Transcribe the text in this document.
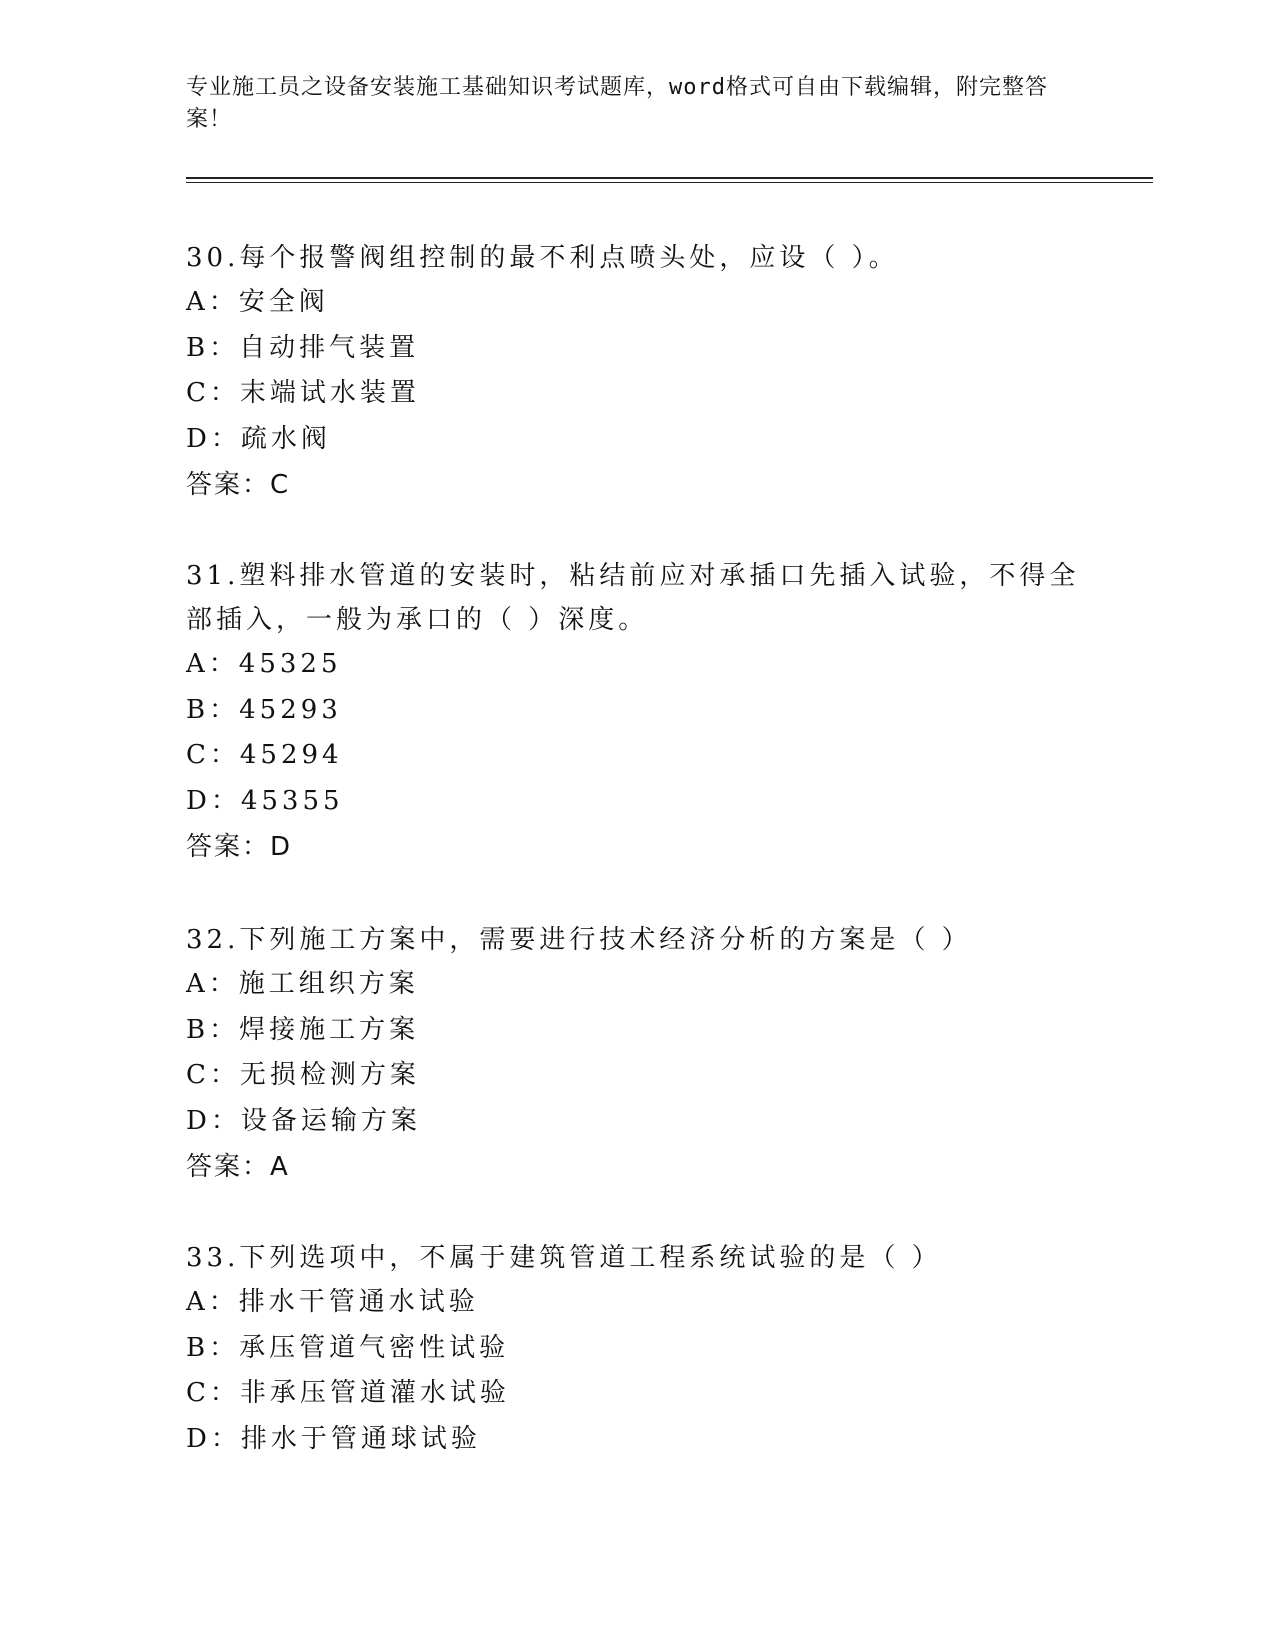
专业施工员之设备安装施工基础知识考试题库，word格式可自由下载编辑，附完整答案！
30.每个报警阀组控制的最不利点喷头处，应设（ ）。
A：安全阀
B：自动排气装置
C：末端试水装置
D：疏水阀
答案：C
31.塑料排水管道的安装时，粘结前应对承插口先插入试验，不得全部插入，一般为承口的（ ）深度。
A：45325
B：45293
C：45294
D：45355
答案：D
32.下列施工方案中，需要进行技术经济分析的方案是（ ）
A：施工组织方案
B：焊接施工方案
C：无损检测方案
D：设备运输方案
答案：A
33.下列选项中，不属于建筑管道工程系统试验的是（ ）
A：排水干管通水试验
B：承压管道气密性试验
C：非承压管道灌水试验
D：排水于管通球试验
